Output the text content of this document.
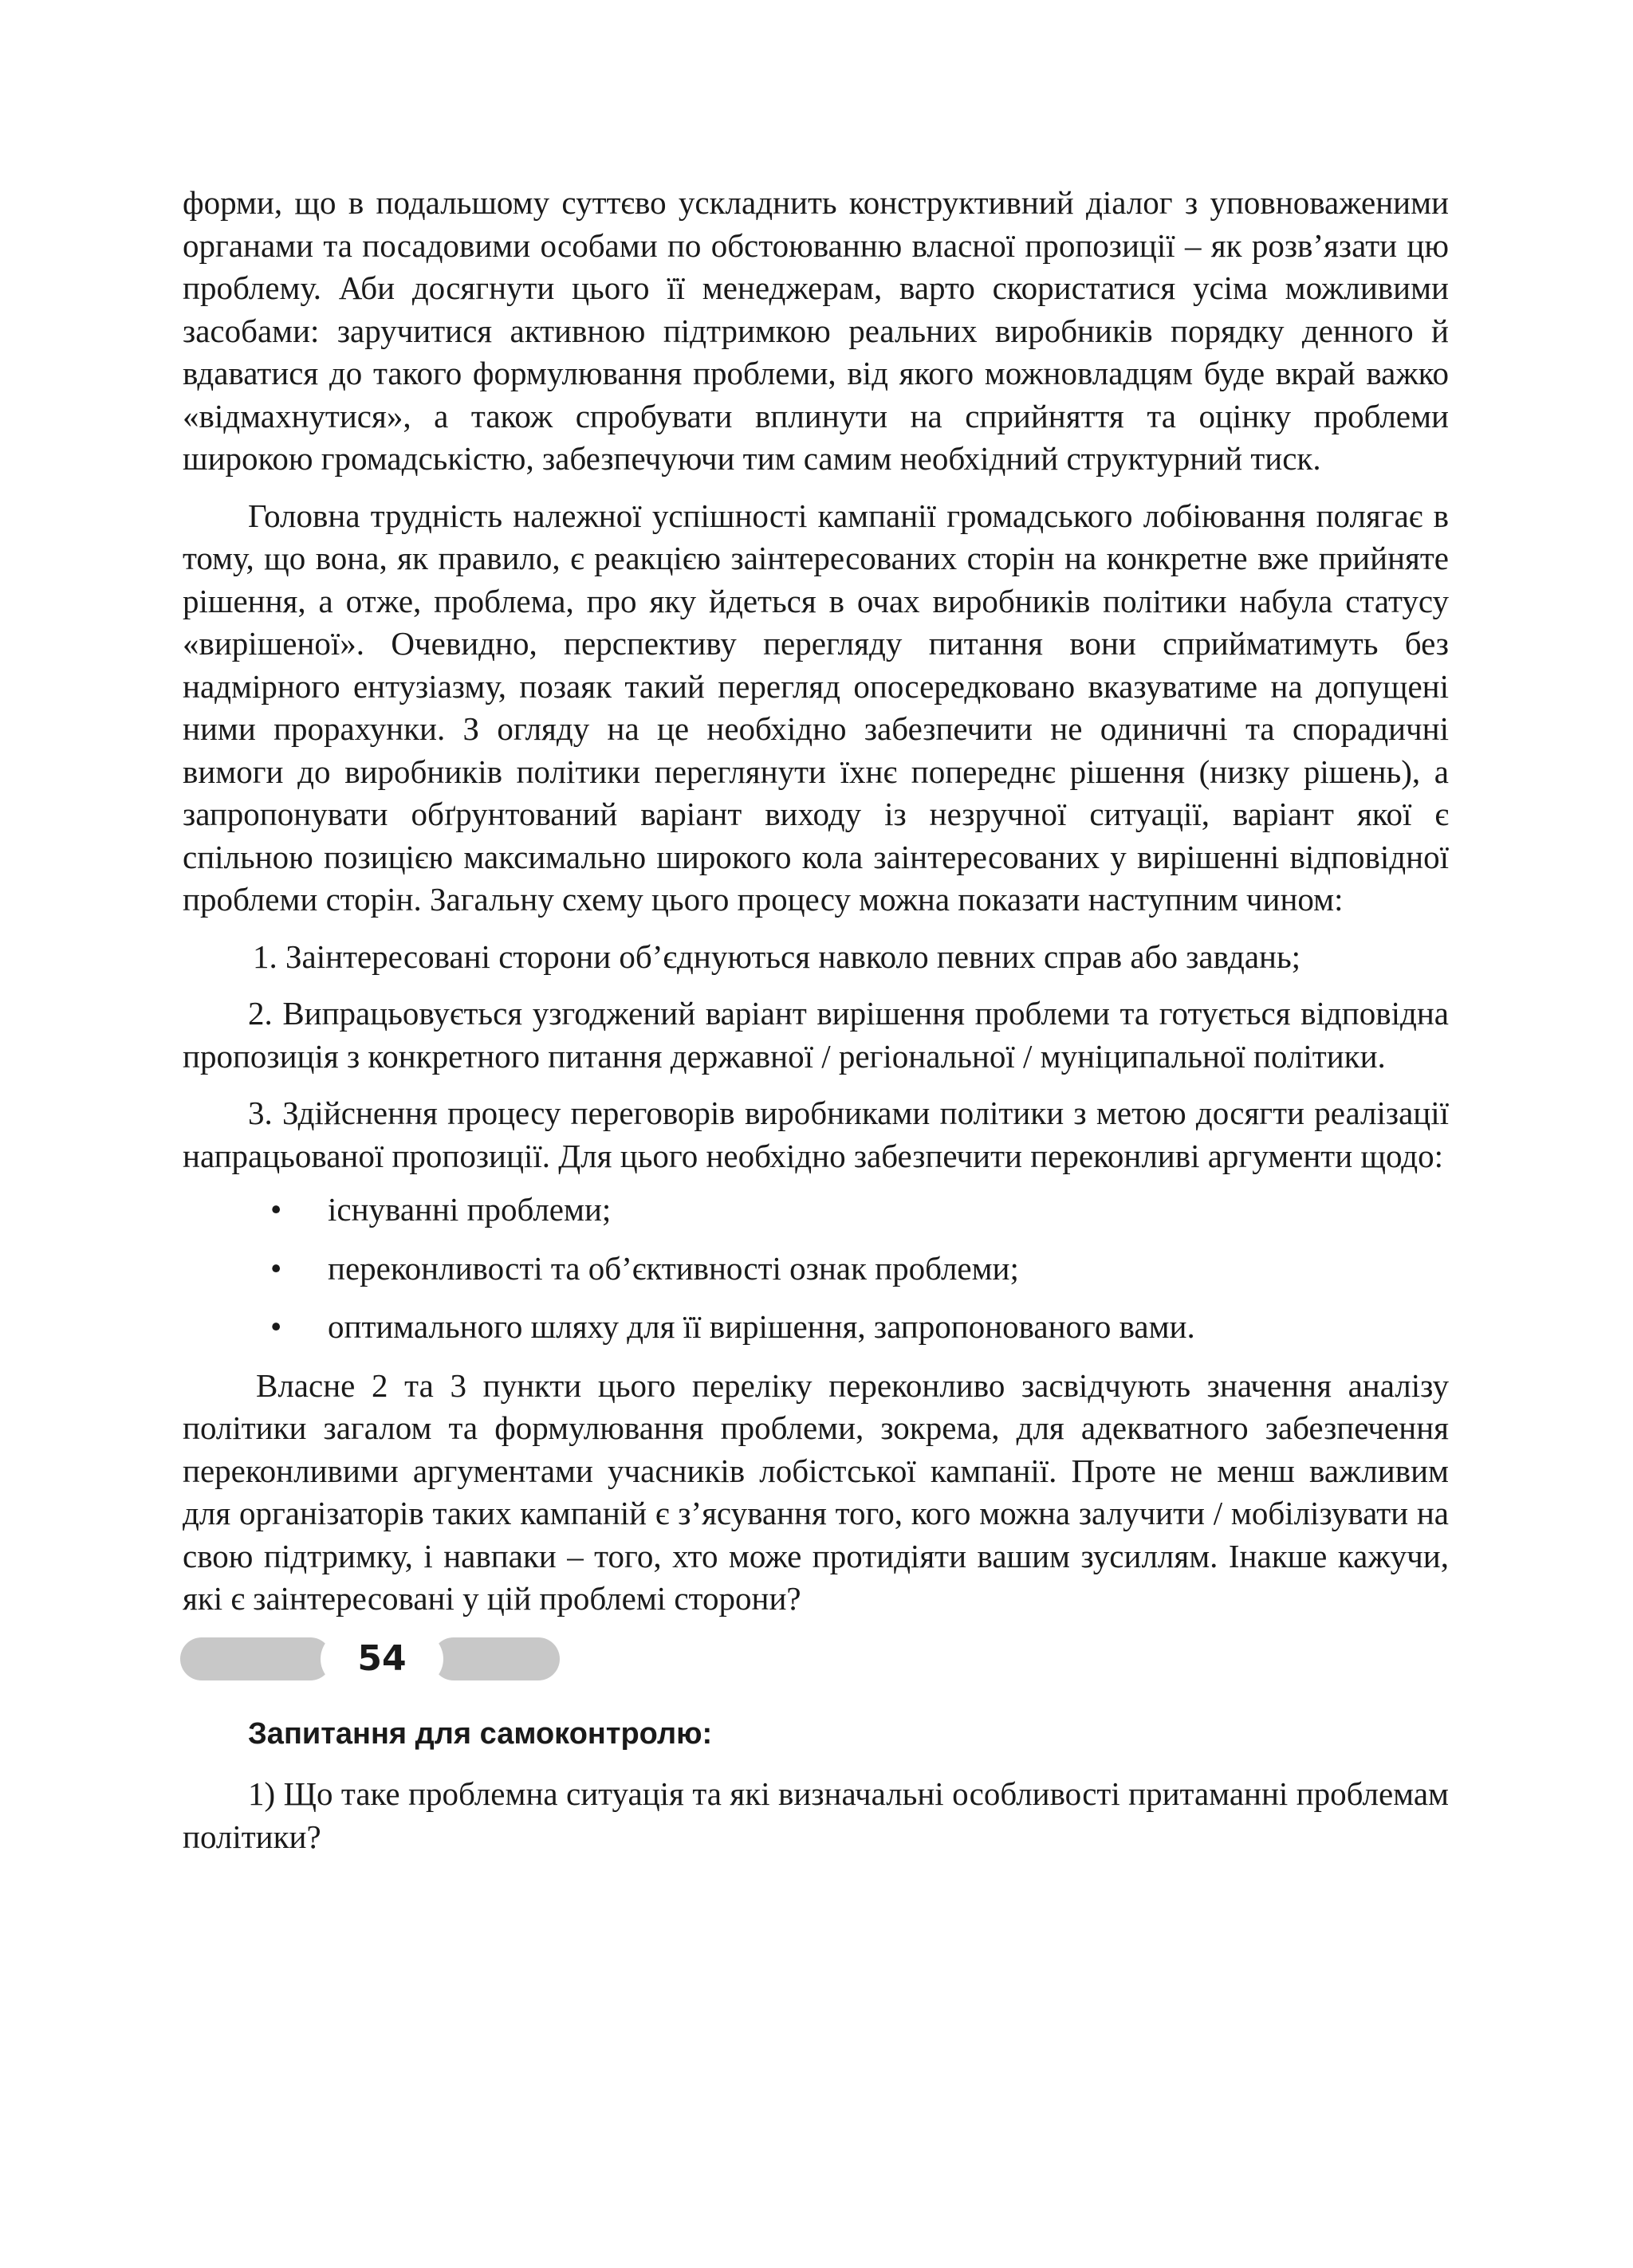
форми, що в подальшому суттєво ускладнить конструктивний діалог з уповноваженими органами та посадовими особами по обстоюванню власної пропозиції – як розв’язати цю проблему. Аби досягнути цього її менеджерам, варто скористатися усіма можливими засобами: заручитися активною підтримкою реальних виробників порядку денного й вдаватися до такого формулювання проблеми, від якого можновладцям буде вкрай важко «відмахнутися», а також спробувати вплинути на сприйняття та оцінку проблеми широкою громадськістю, забезпечуючи тим самим необхідний структурний тиск.

Головна трудність належної успішності кампанії громадського лобіювання полягає в тому, що вона, як правило, є реакцією заінтересованих сторін на конкретне вже прийняте рішення, а отже, проблема, про яку йдеться в очах виробників політики набула статусу «вирішеної». Очевидно, перспективу перегляду питання вони сприйматимуть без надмірного ентузіазму, позаяк такий перегляд опосередковано вказуватиме на допущені ними прорахунки. З огляду на це необхідно забезпечити не одиничні та спорадичні вимоги до виробників політики переглянути їхнє попереднє рішення (низку рішень), а запропонувати обґрунтований варіант виходу із незручної ситуації, варіант якої є спільною позицією максимально широкого кола заінтересованих у вирішенні відповідної проблеми сторін. Загальну схему цього процесу можна показати наступним чином:

1. Заінтересовані сторони об’єднуються навколо певних справ або завдань;

2. Випрацьовується узгоджений варіант вирішення проблеми та готується відповідна пропозиція з конкретного питання державної / регіональної / муніципальної політики.

3. Здійснення процесу переговорів виробниками політики з метою досягти реалізації напрацьованої пропозиції. Для цього необхідно забезпечити переконливі аргументи щодо:

• існуванні проблеми;
• переконливості та об’єктивності ознак проблеми;
• оптимального шляху для її вирішення, запропонованого вами.

Власне 2 та 3 пункти цього переліку переконливо засвідчують значення аналізу політики загалом та формулювання проблеми, зокрема, для адекватного забезпечення переконливими аргументами учасників лобістської кампанії. Проте не менш важливим для організаторів таких кампаній є з’ясування того, кого можна залучити / мобілізувати на свою підтримку, і навпаки – того, хто може протидіяти вашим зусиллям. Інакше кажучи, які є заінтересовані у цій проблемі сторони?

Запитання для самоконтролю:

1) Що таке проблемна ситуація та які визначальні особливості притаманні проблемам політики?

54
